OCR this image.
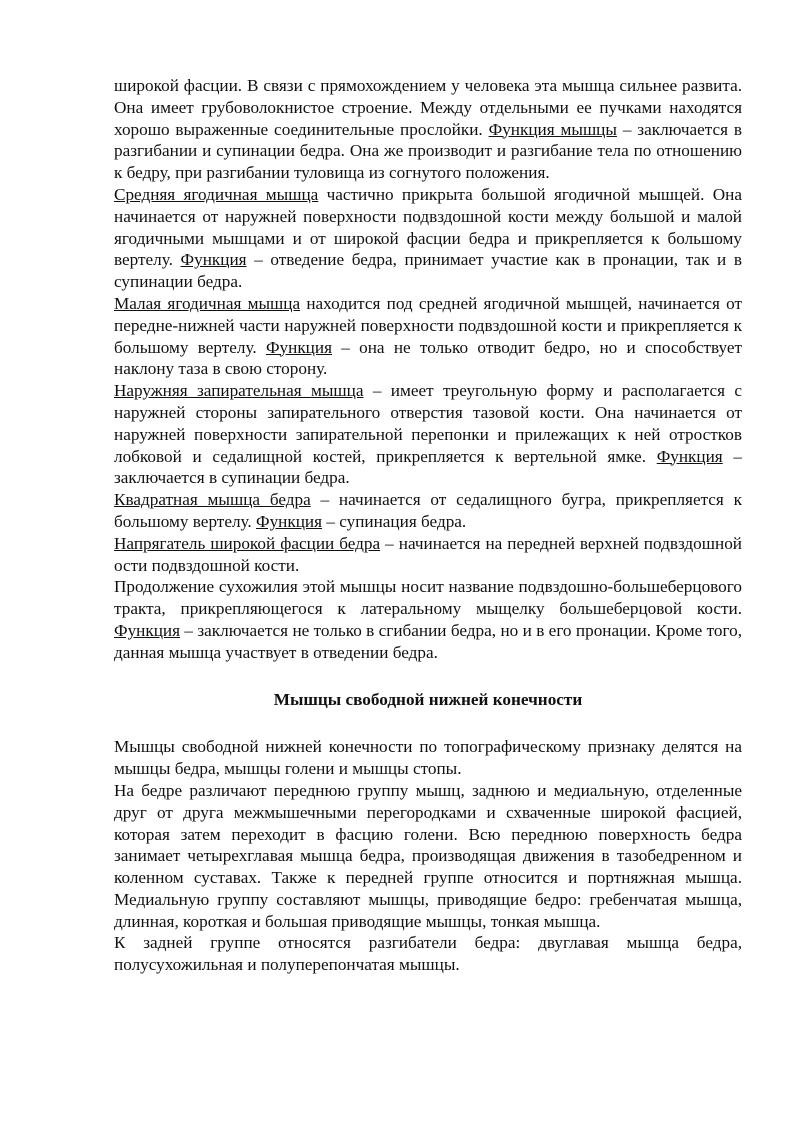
широкой фасции. В связи с прямохождением у человека эта мышца сильнее развита. Она имеет грубоволокнистое строение. Между отдельными ее пучками находятся хорошо выраженные соединительные прослойки. Функция мышцы – заключается в разгибании и супинации бедра. Она же производит и разгибание тела по отношению к бедру, при разгибании туловища из согнутого положения.

Средняя ягодичная мышца частично прикрыта большой ягодичной мышцей. Она начинается от наружней поверхности подвздошной кости между большой и малой ягодичными мышцами и от широкой фасции бедра и прикрепляется к большому вертелу. Функция – отведение бедра, принимает участие как в пронации, так и в супинации бедра.

Малая ягодичная мышца находится под средней ягодичной мышцей, начинается от передне-нижней части наружней поверхности подвздошной кости и прикрепляется к большому вертелу. Функция – она не только отводит бедро, но и способствует наклону таза в свою сторону.

Наружняя запирательная мышца – имеет треугольную форму и располагается с наружней стороны запирательного отверстия тазовой кости. Она начинается от наружней поверхности запирательной перепонки и прилежащих к ней отростков лобковой и седалищной костей, прикрепляется к вертельной ямке. Функция – заключается в супинации бедра.

Квадратная мышца бедра – начинается от седалищного бугра, прикрепляется к большому вертелу. Функция – супинация бедра.

Напрягатель широкой фасции бедра – начинается на передней верхней подвздошной ости подвздошной кости.

Продолжение сухожилия этой мышцы носит название подвздошно-большеберцового тракта, прикрепляющегося к латеральному мыщелку большеберцовой кости. Функция – заключается не только в сгибании бедра, но и в его пронации. Кроме того, данная мышца участвует в отведении бедра.

Мышцы свободной нижней конечности

Мышцы свободной нижней конечности по топографическому признаку делятся на мышцы бедра, мышцы голени и мышцы стопы.

На бедре различают переднюю группу мышц, заднюю и медиальную, отделенные друг от друга межмышечными перегородками и схваченные широкой фасцией, которая затем переходит в фасцию голени. Всю переднюю поверхность бедра занимает четырехглавая мышца бедра, производящая движения в тазобедренном и коленном суставах. Также к передней группе относится и портняжная мышца. Медиальную группу составляют мышцы, приводящие бедро: гребенчатая мышца, длинная, короткая и большая приводящие мышцы, тонкая мышца.

К задней группе относятся разгибатели бедра: двуглавая мышца бедра, полусухожильная и полуперепончатая мышцы.
